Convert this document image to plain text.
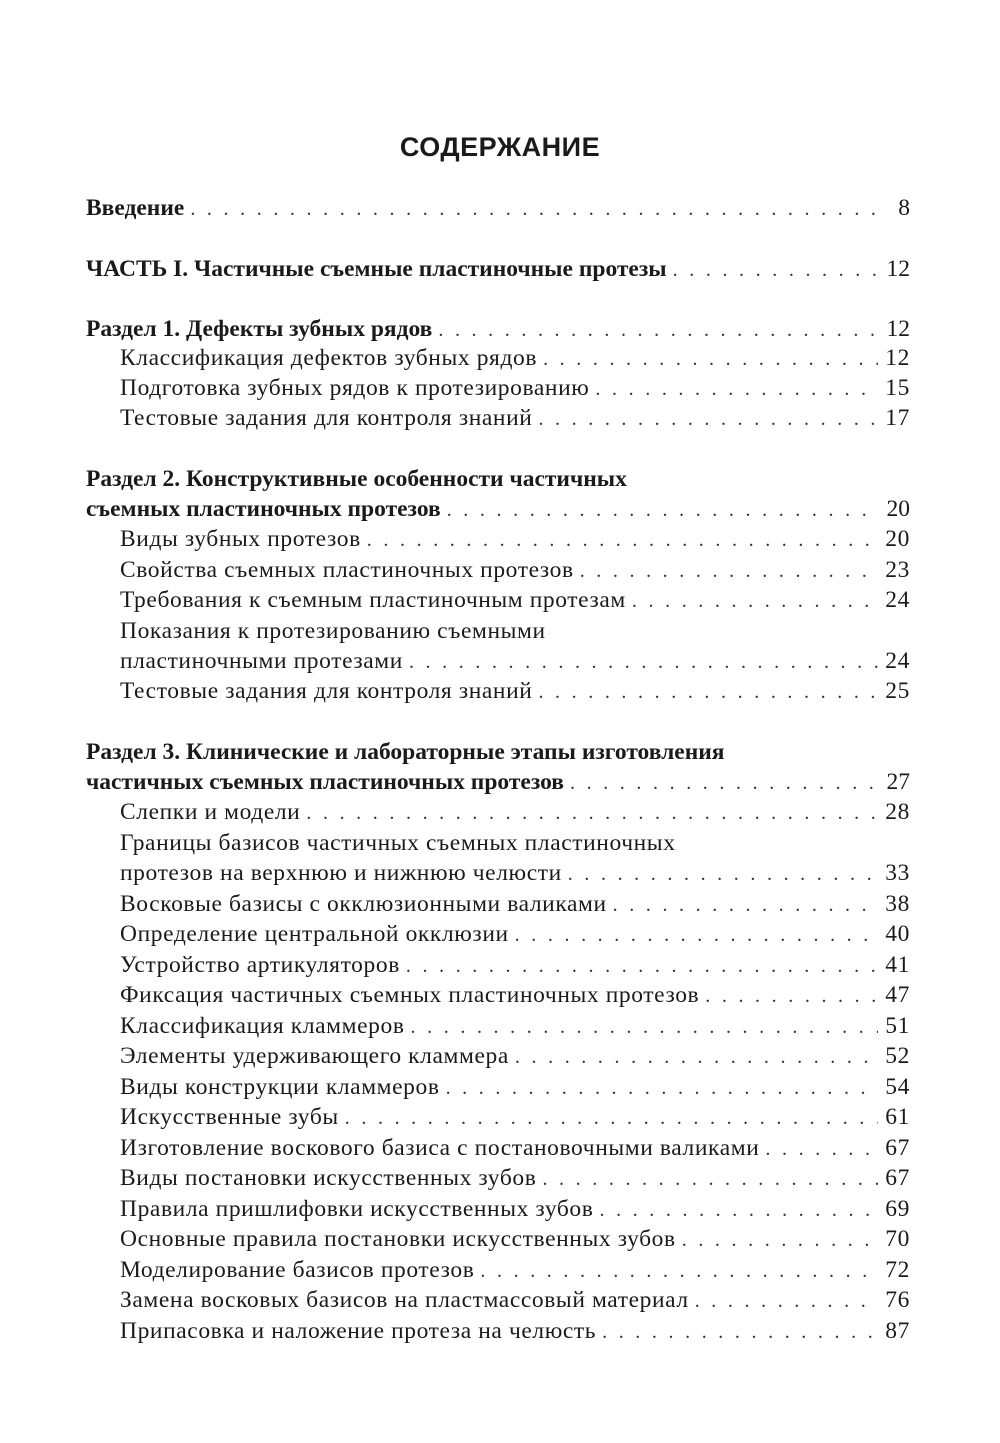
СОДЕРЖАНИЕ
Введение . . .	8
ЧАСТЬ I. Частичные съемные пластиночные протезы . . .	12
Раздел 1. Дефекты зубных рядов . . .	12
Классификация дефектов зубных рядов . . .	12
Подготовка зубных рядов к протезированию . . .	15
Тестовые задания для контроля знаний . . .	17
Раздел 2. Конструктивные особенности частичных
съемных пластиночных протезов . . .	20
Виды зубных протезов . . .	20
Свойства съемных пластиночных протезов . . .	23
Требования к съемным пластиночным протезам . . .	24
Показания к протезированию съемными
пластиночными протезами . . .	24
Тестовые задания для контроля знаний . . .	25
Раздел 3. Клинические и лабораторные этапы изготовления
частичных съемных пластиночных протезов . . .	27
Слепки и модели . . .	28
Границы базисов частичных съемных пластиночных
протезов на верхнюю и нижнюю челюсти . . .	33
Восковые базисы с окклюзионными валиками . . .	38
Определение центральной окклюзии . . .	40
Устройство артикуляторов . . .	41
Фиксация частичных съемных пластиночных протезов . . .	47
Классификация кламмеров . . .	51
Элементы удерживающего кламмера . . .	52
Виды конструкции кламмеров . . .	54
Искусственные зубы . . .	61
Изготовление воскового базиса с постановочными валиками . . .	67
Виды постановки искусственных зубов . . .	67
Правила пришлифовки искусственных зубов . . .	69
Основные правила постановки искусственных зубов . . .	70
Моделирование базисов протезов . . .	72
Замена восковых базисов на пластмассовый материал . . .	76
Припасовка и наложение протеза на челюсть . . .	87
